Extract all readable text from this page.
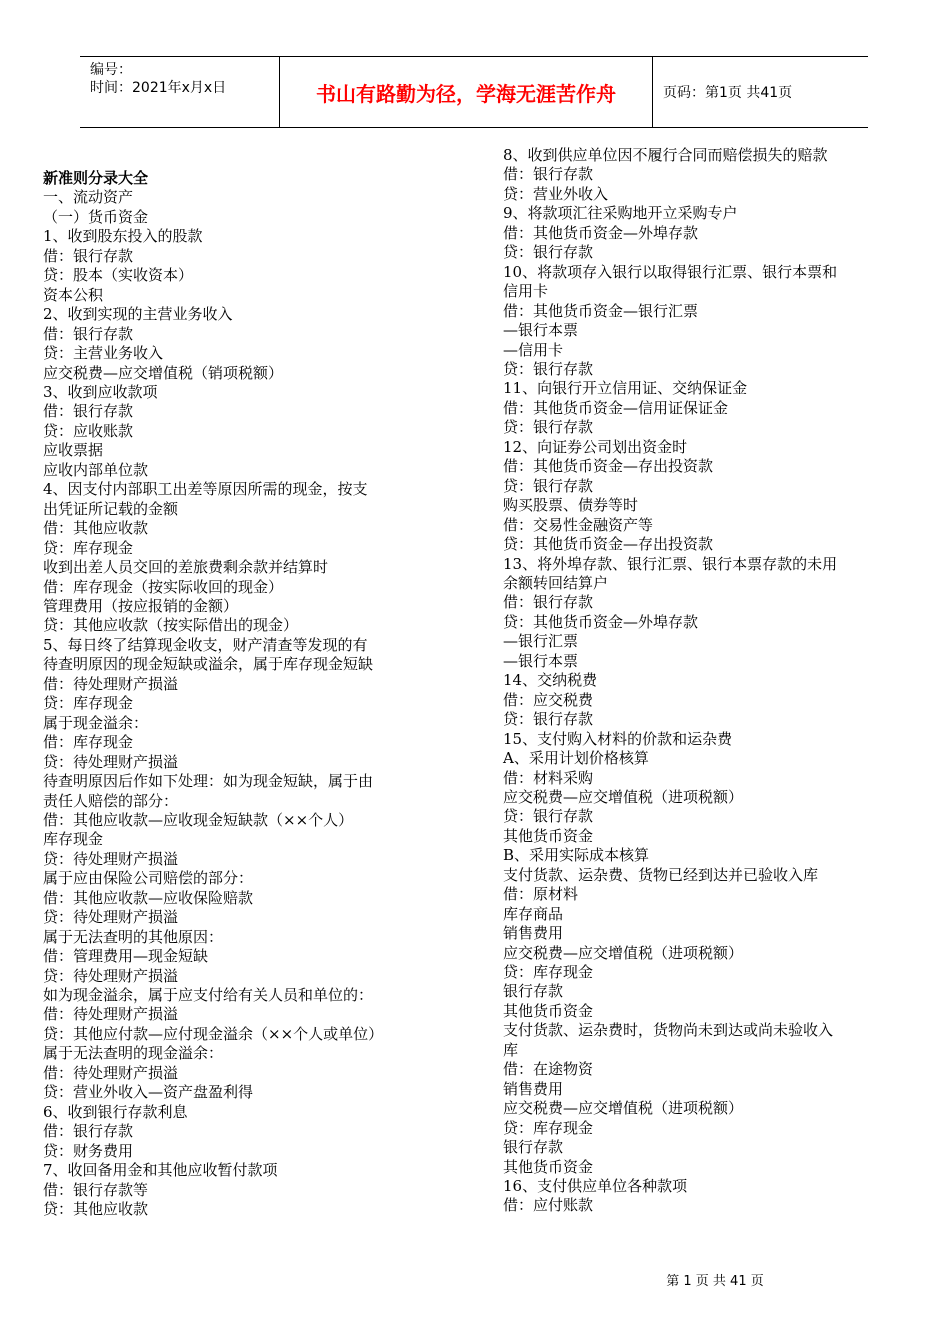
编号：
时间：2021年x月x日	书山有路勤为径，学海无涯苦作舟	页码：第1页 共41页
新准则分录大全
一、流动资产
（一）货币资金
1、收到股东投入的股款
借：银行存款
贷：股本（实收资本）
资本公积
2、收到实现的主营业务收入
借：银行存款
贷：主营业务收入
应交税费—应交增值税（销项税额）
3、收到应收款项
借：银行存款
贷：应收账款
应收票据
应收内部单位款
4、因支付内部职工出差等原因所需的现金，按支
出凭证所记载的金额
借：其他应收款
贷：库存现金
收到出差人员交回的差旅费剩余款并结算时
借：库存现金（按实际收回的现金）
管理费用（按应报销的金额）
贷：其他应收款（按实际借出的现金）
5、每日终了结算现金收支，财产清查等发现的有
待查明原因的现金短缺或溢余，属于库存现金短缺
借：待处理财产损溢
贷：库存现金
属于现金溢余：
借：库存现金
贷：待处理财产损溢
待查明原因后作如下处理：如为现金短缺，属于由
责任人赔偿的部分：
借：其他应收款—应收现金短缺款（××个人）
库存现金
贷：待处理财产损溢
属于应由保险公司赔偿的部分：
借：其他应收款—应收保险赔款
贷：待处理财产损溢
属于无法查明的其他原因：
借：管理费用—现金短缺
贷：待处理财产损溢
如为现金溢余，属于应支付给有关人员和单位的：
借：待处理财产损溢
贷：其他应付款—应付现金溢余（××个人或单位）
属于无法查明的现金溢余：
借：待处理财产损溢
贷：营业外收入—资产盘盈利得
6、收到银行存款利息
借：银行存款
贷：财务费用
7、收回备用金和其他应收暂付款项
借：银行存款等
贷：其他应收款
8、收到供应单位因不履行合同而赔偿损失的赔款
借：银行存款
贷：营业外收入
9、将款项汇往采购地开立采购专户
借：其他货币资金—外埠存款
贷：银行存款
10、将款项存入银行以取得银行汇票、银行本票和
信用卡
借：其他货币资金—银行汇票
—银行本票
—信用卡
贷：银行存款
11、向银行开立信用证、交纳保证金
借：其他货币资金—信用证保证金
贷：银行存款
12、向证券公司划出资金时
借：其他货币资金—存出投资款
贷：银行存款
购买股票、债券等时
借：交易性金融资产等
贷：其他货币资金—存出投资款
13、将外埠存款、银行汇票、银行本票存款的未用
余额转回结算户
借：银行存款
贷：其他货币资金—外埠存款
—银行汇票
—银行本票
14、交纳税费
借：应交税费
贷：银行存款
15、支付购入材料的价款和运杂费
A、采用计划价格核算
借：材料采购
应交税费—应交增值税（进项税额）
贷：银行存款
其他货币资金
B、采用实际成本核算
支付货款、运杂费、货物已经到达并已验收入库
借：原材料
库存商品
销售费用
应交税费—应交增值税（进项税额）
贷：库存现金
银行存款
其他货币资金
支付货款、运杂费时，货物尚未到达或尚未验收入
库
借：在途物资
销售费用
应交税费—应交增值税（进项税额）
贷：库存现金
银行存款
其他货币资金
16、支付供应单位各种款项
借：应付账款
第 1 页 共 41 页
